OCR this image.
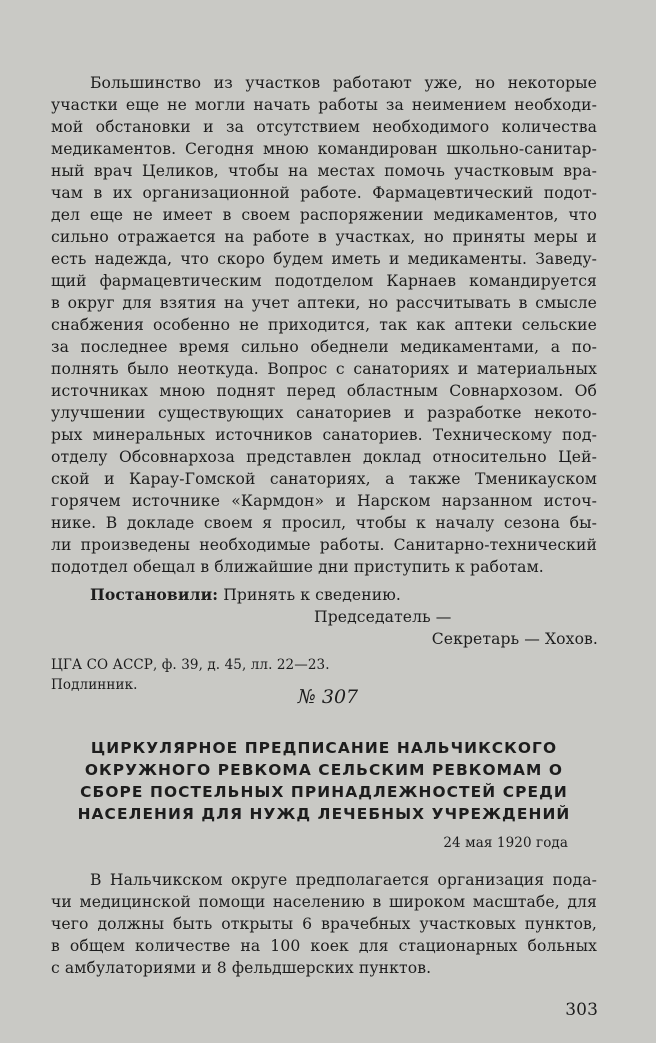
Большинство из участков работают уже, но некоторые
участки еще не могли начать работы за неимением необходи-
мой обстановки и за отсутствием необходимого количества
медикаментов. Сегодня мною командирован школьно-санитар-
ный врач Целиков, чтобы на местах помочь участковым вра-
чам в их организационной работе. Фармацевтический подот-
дел еще не имеет в своем распоряжении медикаментов, что
сильно отражается на работе в участках, но приняты меры и
есть надежда, что скоро будем иметь и медикаменты. Заведу-
щий фармацевтическим подотделом Карнаев командируется
в округ для взятия на учет аптеки, но рассчитывать в смысле
снабжения особенно не приходится, так как аптеки сельские
за последнее время сильно обеднели медикаментами, а по-
полнять было неоткуда. Вопрос с санаториях и материальных
источниках мною поднят перед областным Совнархозом. Об
улучшении существующих санаториев и разработке некото-
рых минеральных источников санаториев. Техническому под-
отделу Обсовнархоза представлен доклад относительно Цей-
ской и Карау-Гомской санаториях, а также Тменикауском
горячем источнике «Кармдон» и Нарском нарзанном источ-
нике. В докладе своем я просил, чтобы к началу сезона бы-
ли произведены необходимые работы. Санитарно-технический
подотдел обещал в ближайшие дни приступить к работам.
Постановили: Принять к сведению.
Председатель —
Секретарь — Хохов.
ЦГА СО АССР, ф. 39, д. 45, лл. 22—23.
Подлинник.
№ 307
ЦИРКУЛЯРНОЕ ПРЕДПИСАНИЕ НАЛЬЧИКСКОГО
ОКРУЖНОГО РЕВКОМА СЕЛЬСКИМ РЕВКОМАМ О
СБОРЕ ПОСТЕЛЬНЫХ ПРИНАДЛЕЖНОСТЕЙ СРЕДИ
НАСЕЛЕНИЯ ДЛЯ НУЖД ЛЕЧЕБНЫХ УЧРЕЖДЕНИЙ
24 мая 1920 года
В Нальчикском округе предполагается организация пода-
чи медицинской помощи населению в широком масштабе, для
чего должны быть открыты 6 врачебных участковых пунктов,
в общем количестве на 100 коек для стационарных больных
с амбулаториями и 8 фельдшерских пунктов.
303
